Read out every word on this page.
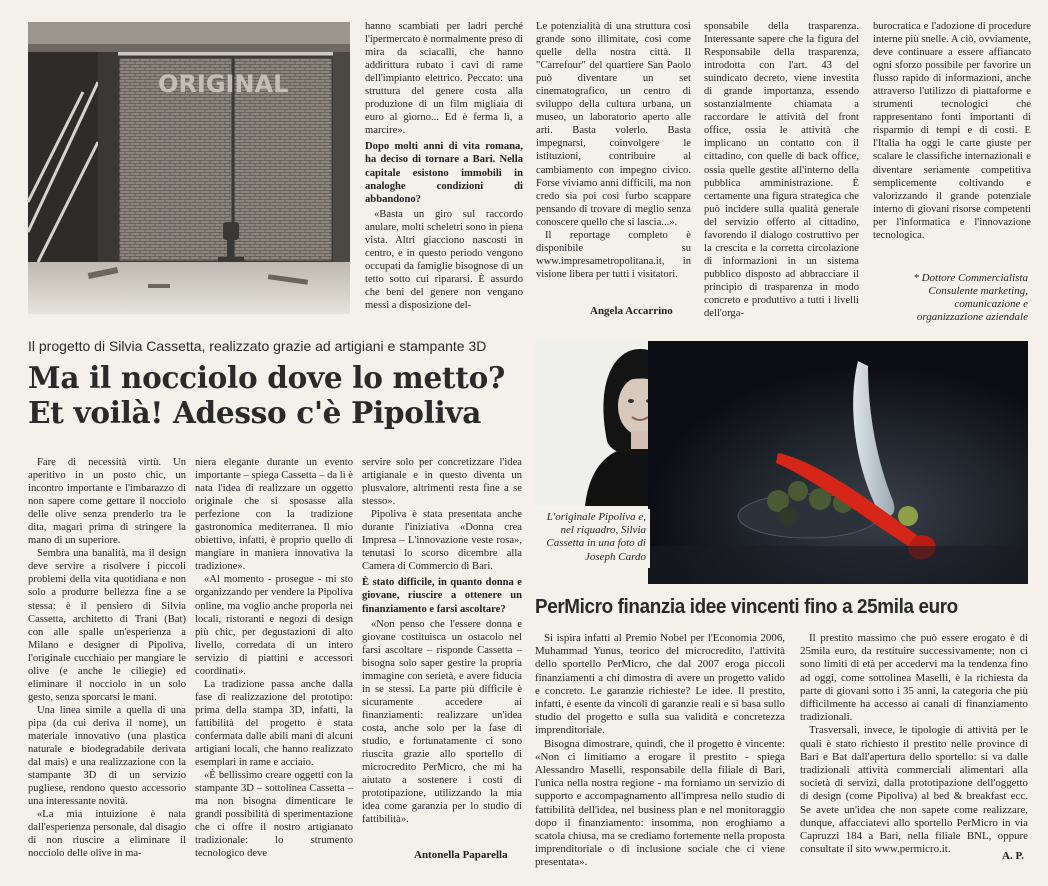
ORIGINAL

hanno scambiati per ladri perché l'ipermercato è normalmente preso di mira da sciacalli, che hanno addirittura rubato i cavi di rame dell'impianto elettrico. Peccato: una struttura del genere costa alla produzione di un film migliaia di euro al giorno... Ed è ferma lì, a marcire».

Dopo molti anni di vita romana, ha deciso di tornare a Bari. Nella capitale esistono immobili in analoghe condizioni di abbandono?

«Basta un giro sul raccordo anulare, molti scheletri sono in piena vista. Altri giacciono nascosti in centro, e in questo periodo vengono occupati da famiglie bisognose di un tetto sotto cui ripararsi. È assurdo che beni del genere non vengano messi a disposizione del-

Le potenzialità di una struttura così grande sono illimitate, così come quelle della nostra città. Il "Carrefour" del quartiere San Paolo può diventare un set cinematografico, un centro di sviluppo della cultura urbana, un museo, un laboratorio aperto alle arti. Basta volerlo. Basta impegnarsi, coinvolgere le istituzioni, contribuire al cambiamento con impegno civico. Forse viviamo anni difficili, ma non credo sia poi così furbo scappare pensando di trovare di meglio senza conoscere quello che si lascia...».

Il reportage completo è disponibile su www.impresametropolitana.it, in visione libera per tutti i visitatori.

Angela Accarrino

sponsabile della trasparenza. Interessante sapere che la figura del Responsabile della trasparenza, introdotta con l'art. 43 del suindicato decreto, viene investita di grande importanza, essendo sostanzialmente chiamata a raccordare le attività del front office, ossia le attività che implicano un contatto con il cittadino, con quelle di back office, ossia quelle gestite all'interno della pubblica amministrazione. È certamente una figura strategica che può incidere sulla qualità generale del servizio offerto al cittadino, favorendo il dialogo costruttivo per la crescita e la corretta circolazione di informazioni in un sistema pubblico disposto ad abbracciare il principio di trasparenza in modo concreto e produttivo a tutti i livelli dell'orga-

burocratica e l'adozione di procedure interne più snelle. A ciò, ovviamente, deve continuare a essere affiancato ogni sforzo possibile per favorire un flusso rapido di informazioni, anche attraverso l'utilizzo di piattaforme e strumenti tecnologici che rappresentano fonti importanti di risparmio di tempi e di costi. E l'Italia ha oggi le carte giuste per scalare le classifiche internazionali e diventare seriamente competitiva semplicemente coltivando e valorizzando il grande potenziale interno di giovani risorse competenti per l'informatica e l'innovazione tecnologica.

* Dottore Commercialista Consulente marketing, comunicazione e organizzazione aziendale
Il progetto di Silvia Cassetta, realizzato grazie ad artigiani e stampante 3D
Ma il nocciolo dove lo metto?
Et voilà! Adesso c'è Pipoliva

Fare di necessità virtù. Un aperitivo in un posto chic, un incontro importante e l'imbarazzo di non sapere come gettare il nocciolo delle olive senza prenderlo tra le dita, magari prima di stringere la mano di un superiore.

Sembra una banalità, ma il design deve servire a risolvere i piccoli problemi della vita quotidiana e non solo a produrre bellezza fine a se stessa: è il pensiero di Silvia Cassetta, architetto di Trani (Bat) con alle spalle un'esperienza a Milano e designer di Pipoliva, l'originale cucchiaio per mangiare le olive (e anche le ciliegie) ed eliminare il nocciolo in un solo gesto, senza sporcarsi le mani.

Una linea simile a quella di una pipa (da cui deriva il nome), un materiale innovativo (una plastica naturale e biodegradabile derivata dal mais) e una realizzazione con la stampante 3D di un servizio pugliese, rendono questo accessorio una interessante novità.

«La mia intuizione è nata dall'esperienza personale, dal disagio di non riuscire a eliminare il nocciolo delle olive in ma-

niera elegante durante un evento importante – spiega Cassetta – da lì è nata l'idea di realizzare un oggetto originale che si sposasse alla perfezione con la tradizione gastronomica mediterranea. Il mio obiettivo, infatti, è proprio quello di mangiare in maniera innovativa la tradizione».

«Al momento - prosegue - mi sto organizzando per vendere la Pipoliva online, ma voglio anche proporla nei locali, ristoranti e negozi di design più chic, per degustazioni di alto livello, corredata di un intero servizio di piattini e accessori coordinati».

La tradizione passa anche dalla fase di realizzazione del prototipo: prima della stampa 3D, infatti, la fattibilità del progetto è stata confermata dalle abili mani di alcuni artigiani locali, che hanno realizzato esemplari in rame e acciaio.

«È bellissimo creare oggetti con la stampante 3D – sottolinea Cassetta – ma non bisogna dimenticare le grandi possibilità di sperimentazione che ci offre il nostro artigianato tradizionale: lo strumento tecnologico deve

servire solo per concretizzare l'idea artigianale e in questo diventa un plusvalore, altrimenti resta fine a se stesso».

Pipoliva è stata presentata anche durante l'iniziativa «Donna crea Impresa – L'innovazione veste rosa», tenutasi lo scorso dicembre alla Camera di Commercio di Bari.

È stato difficile, in quanto donna e giovane, riuscire a ottenere un finanziamento e farsi ascoltare?

«Non penso che l'essere donna e giovane costituisca un ostacolo nel farsi ascoltare – risponde Cassetta – bisogna solo saper gestire la propria immagine con serietà, e avere fiducia in se stessi. La parte più difficile è sicuramente accedere ai finanziamenti: realizzare un'idea costa, anche solo per la fase di studio, e fortunatamente ci sono riuscita grazie allo sportello di microcredito PerMicro, che mi ha aiutato a sostenere i costi di prototipazione, utilizzando la mia idea come garanzia per lo studio di fattibilità».

Antonella Paparella
L'originale Pipoliva e, nel riquadro, Silvia Cassetta in una foto di Joseph Cardo
PerMicro finanzia idee vincenti fino a 25mila euro

Si ispira infatti al Premio Nobel per l'Economia 2006, Muhammad Yunus, teorico del microcredito, l'attività dello sportello PerMicro, che dal 2007 eroga piccoli finanziamenti a chi dimostra di avere un progetto valido e concreto. Le garanzie richieste? Le idee. Il prestito, infatti, è esente da vincoli di garanzie reali e si basa sullo studio del progetto e sulla sua validità e concretezza imprenditoriale.

Bisogna dimostrare, quindi, che il progetto è vincente: «Non ci limitiamo a erogare il prestito - spiega Alessandro Maselli, responsabile della filiale di Bari, l'unica nella nostra regione - ma forniamo un servizio di supporto e accompagnamento all'impresa nello studio di fattibilità dell'idea, nel business plan e nel monitoraggio dopo il finanziamento: insomma, non eroghiamo a scatola chiusa, ma se crediamo fortemente nella proposta imprenditoriale o di inclusione sociale che ci viene presentata».

Il prestito massimo che può essere erogato è di 25mila euro, da restituire successivamente; non ci sono limiti di età per accedervi ma la tendenza fino ad oggi, come sottolinea Maselli, è la richiesta da parte di giovani sotto i 35 anni, la categoria che più difficilmente ha accesso ai canali di finanziamento tradizionali.

Trasversali, invece, le tipologie di attività per le quali è stato richiesto il prestito nelle province di Bari e Bat dall'apertura dello sportello: si va dalle tradizionali attività commerciali alimentari alla società di servizi, dalla prototipazione dell'oggetto di design (come Pipoliva) al bed & breakfast ecc. Se avete un'idea che non sapete come realizzare, dunque, affacciatevi allo sportello PerMicro in via Capruzzi 184 a Bari, nella filiale BNL, oppure consultate il sito www.permicro.it.

A. P.
